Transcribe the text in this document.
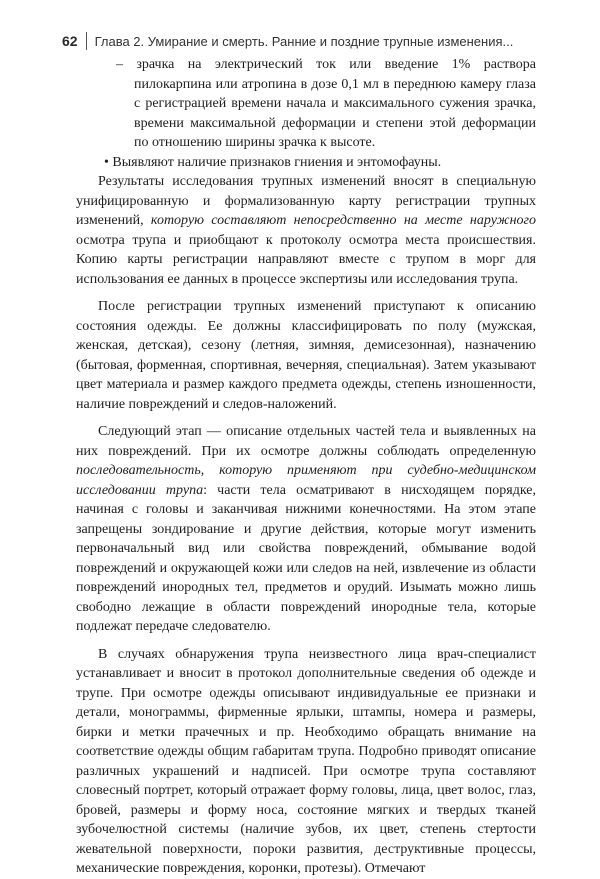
62 Глава 2. Умирание и смерть. Ранние и поздние трупные изменения...

– зрачка на электрический ток или введение 1% раствора пилокарпина или атропина в дозе 0,1 мл в переднюю камеру глаза с регистрацией времени начала и максимального сужения зрачка, времени максимальной деформации и степени этой деформации по отношению ширины зрачка к высоте.

• Выявляют наличие признаков гниения и энтомофауны.

Результаты исследования трупных изменений вносят в специальную унифицированную и формализованную карту регистрации трупных изменений, которую составляют непосредственно на месте наружного осмотра трупа и приобщают к протоколу осмотра места происшествия. Копию карты регистрации направляют вместе с трупом в морг для использования ее данных в процессе экспертизы или исследования трупа.

После регистрации трупных изменений приступают к описанию состояния одежды. Ее должны классифицировать по полу (мужская, женская, детская), сезону (летняя, зимняя, демисезонная), назначению (бытовая, форменная, спортивная, вечерняя, специальная). Затем указывают цвет материала и размер каждого предмета одежды, степень изношенности, наличие повреждений и следов-наложений.

Следующий этап — описание отдельных частей тела и выявленных на них повреждений. При их осмотре должны соблюдать определенную последовательность, которую применяют при судебно-медицинском исследовании трупа: части тела осматривают в нисходящем порядке, начиная с головы и заканчивая нижними конечностями. На этом этапе запрещены зондирование и другие действия, которые могут изменить первоначальный вид или свойства повреждений, обмывание водой повреждений и окружающей кожи или следов на ней, извлечение из области повреждений инородных тел, предметов и орудий. Изымать можно лишь свободно лежащие в области повреждений инородные тела, которые подлежат передаче следователю.

В случаях обнаружения трупа неизвестного лица врач-специалист устанавливает и вносит в протокол дополнительные сведения об одежде и трупе. При осмотре одежды описывают индивидуальные ее признаки и детали, монограммы, фирменные ярлыки, штампы, номера и размеры, бирки и метки прачечных и пр. Необходимо обращать внимание на соответствие одежды общим габаритам трупа. Подробно приводят описание различных украшений и надписей. При осмотре трупа составляют словесный портрет, который отражает форму головы, лица, цвет волос, глаз, бровей, размеры и форму носа, состояние мягких и твердых тканей зубочелюстной системы (наличие зубов, их цвет, степень стертости жевательной поверхности, пороки развития, деструктивные процессы, механические повреждения, коронки, протезы). Отмечают
